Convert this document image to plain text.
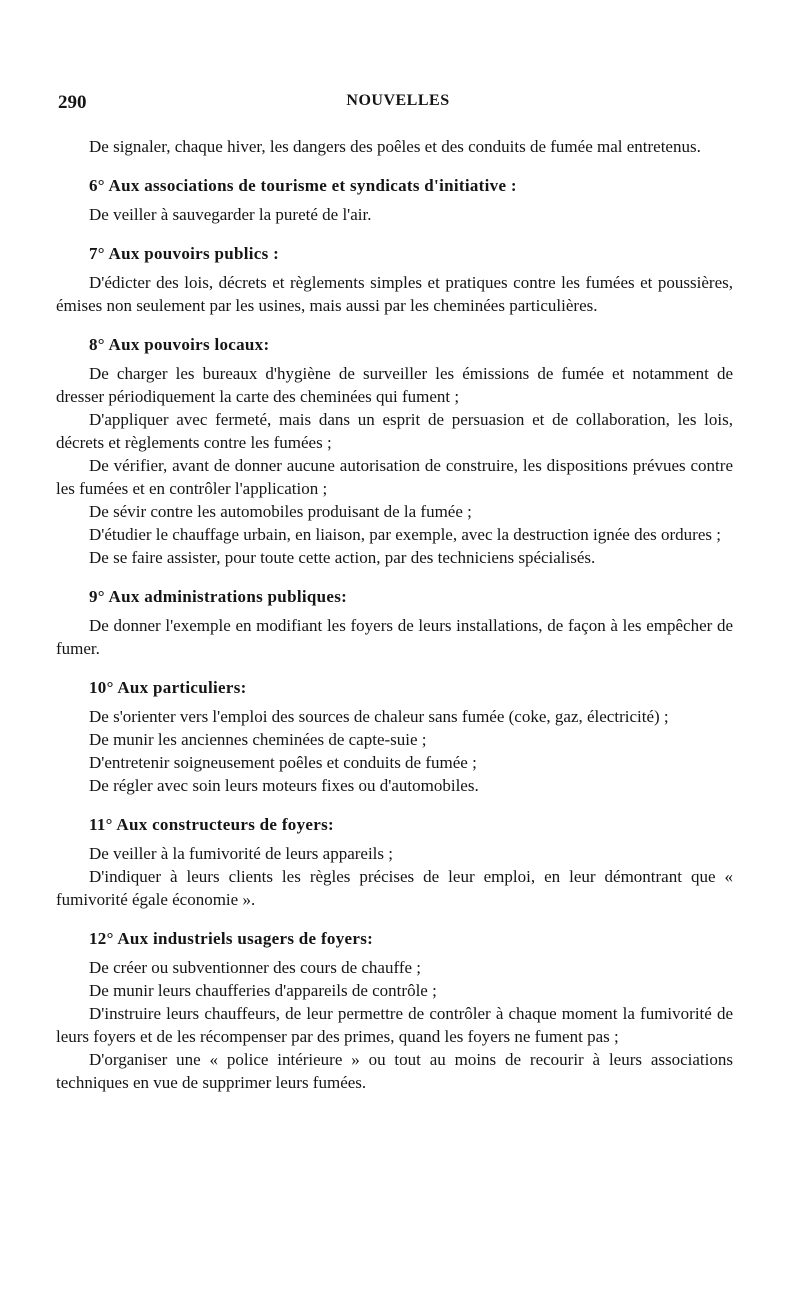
290	NOUVELLES

De signaler, chaque hiver, les dangers des poêles et des conduits de fumée mal entretenus.

6° Aux associations de tourisme et syndicats d'initiative :

De veiller à sauvegarder la pureté de l'air.

7° Aux pouvoirs publics :

D'édicter des lois, décrets et règlements simples et pratiques contre les fumées et poussières, émises non seulement par les usines, mais aussi par les cheminées particulières.

8° Aux pouvoirs locaux:

De charger les bureaux d'hygiène de surveiller les émissions de fumée et notamment de dresser périodiquement la carte des cheminées qui fument ;

D'appliquer avec fermeté, mais dans un esprit de persuasion et de collaboration, les lois, décrets et règlements contre les fumées ;

De vérifier, avant de donner aucune autorisation de construire, les dispositions prévues contre les fumées et en contrôler l'application ;

De sévir contre les automobiles produisant de la fumée ;

D'étudier le chauffage urbain, en liaison, par exemple, avec la destruction ignée des ordures ;

De se faire assister, pour toute cette action, par des techniciens spécialisés.

9° Aux administrations publiques:

De donner l'exemple en modifiant les foyers de leurs installations, de façon à les empêcher de fumer.

10° Aux particuliers:

De s'orienter vers l'emploi des sources de chaleur sans fumée (coke, gaz, électricité) ;

De munir les anciennes cheminées de capte-suie ;

D'entretenir soigneusement poêles et conduits de fumée ;

De régler avec soin leurs moteurs fixes ou d'automobiles.

11° Aux constructeurs de foyers:

De veiller à la fumivorité de leurs appareils ;

D'indiquer à leurs clients les règles précises de leur emploi, en leur démontrant que « fumivorité égale économie ».

12° Aux industriels usagers de foyers:

De créer ou subventionner des cours de chauffe ;

De munir leurs chaufferies d'appareils de contrôle ;

D'instruire leurs chauffeurs, de leur permettre de contrôler à chaque moment la fumivorité de leurs foyers et de les récompenser par des primes, quand les foyers ne fument pas ;

D'organiser une « police intérieure » ou tout au moins de recourir à leurs associations techniques en vue de supprimer leurs fumées.
